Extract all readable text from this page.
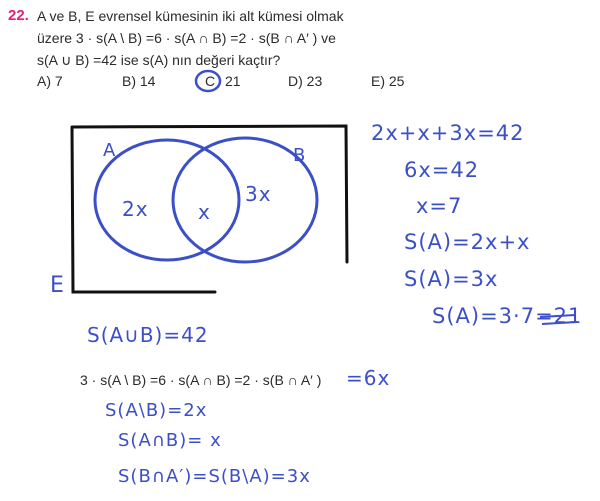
22. A ve B, E evrensel kümesinin iki alt kümesi olmak
üzere 3 · s(A \ B) =6 · s(A ∩ B) =2 · s(B ∩ A′ ) ve
s(A ∪ B) =42 ise s(A) nın değeri kaçtır?
A) 7	B) 14	C 21	D) 23	E) 25
A	B
E
2x x
3x
2x+x+3x=42
6x=42
x=7
S(A)=2x+x
S(A)=3x
S(A)=3·7=21
S(A∪B)=42
3 · s(A \ B) =6 · s(A ∩ B) =2 · s(B ∩ A′ ) =6x
S(A\B)=2x
S(A∩B)= x
S(B∩A′)=S(B\A)=3x
